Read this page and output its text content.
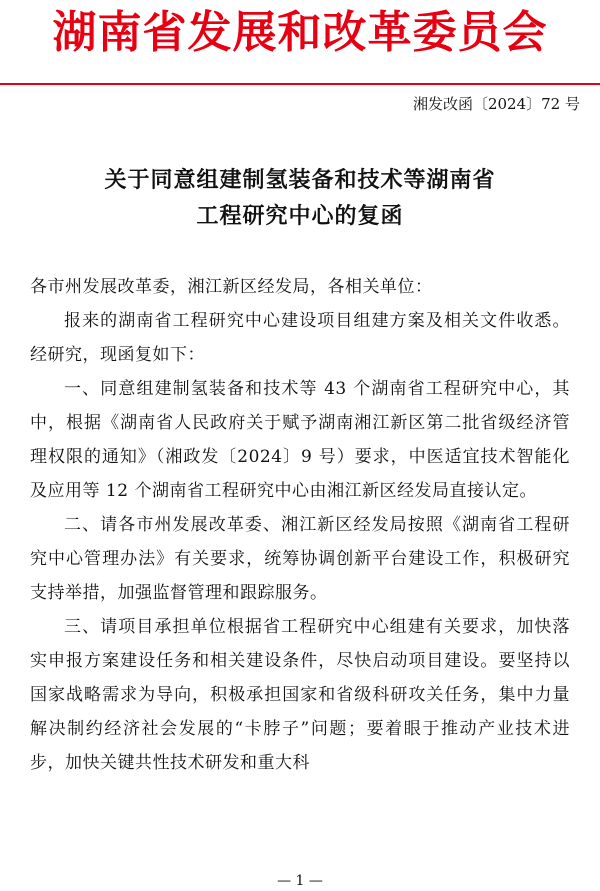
湖南省发展和改革委员会
湘发改函〔2024〕72 号
关于同意组建制氢装备和技术等湖南省
工程研究中心的复函

各市州发展改革委，湘江新区经发局，各相关单位：

报来的湖南省工程研究中心建设项目组建方案及相关文件收悉。经研究，现函复如下：

一、同意组建制氢装备和技术等 43 个湖南省工程研究中心，其中，根据《湖南省人民政府关于赋予湖南湘江新区第二批省级经济管理权限的通知》（湘政发〔2024〕9 号）要求，中医适宜技术智能化及应用等 12 个湖南省工程研究中心由湘江新区经发局直接认定。

二、请各市州发展改革委、湘江新区经发局按照《湖南省工程研究中心管理办法》有关要求，统筹协调创新平台建设工作，积极研究支持举措，加强监督管理和跟踪服务。

三、请项目承担单位根据省工程研究中心组建有关要求，加快落实申报方案建设任务和相关建设条件，尽快启动项目建设。要坚持以国家战略需求为导向，积极承担国家和省级科研攻关任务，集中力量解决制约经济社会发展的“卡脖子”问题；要着眼于推动产业技术进步，加快关键共性技术研发和重大科

— 1 —
